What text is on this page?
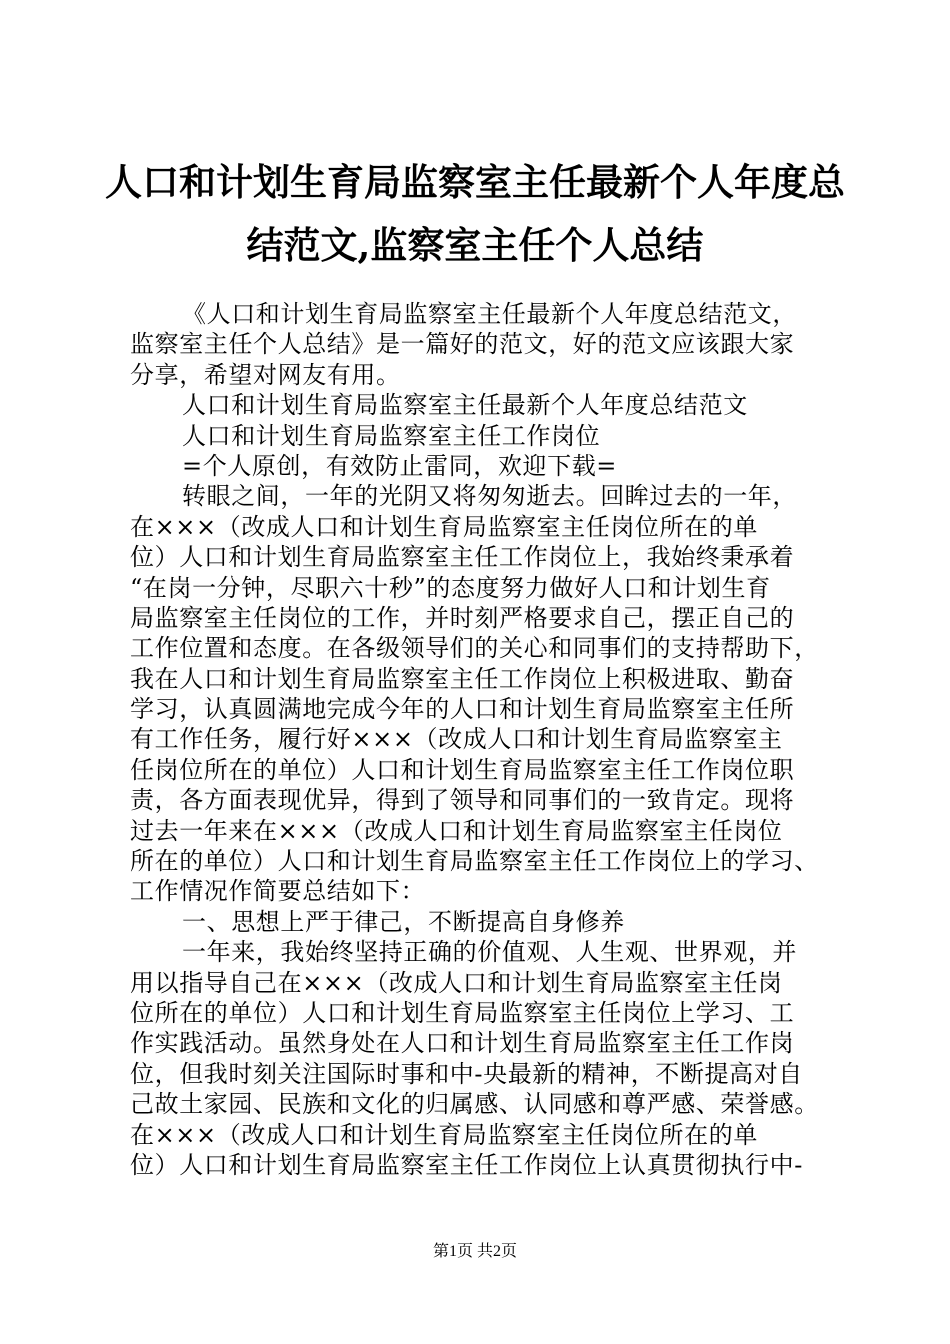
人口和计划生育局监察室主任最新个人年度总
结范文,监察室主任个人总结
《人口和计划生育局监察室主任最新个人年度总结范文，
监察室主任个人总结》是一篇好的范文，好的范文应该跟大家
分享，希望对网友有用。
人口和计划生育局监察室主任最新个人年度总结范文
人口和计划生育局监察室主任工作岗位
=个人原创，有效防止雷同，欢迎下载=
转眼之间，一年的光阴又将匆匆逝去。回眸过去的一年，
在×××（改成人口和计划生育局监察室主任岗位所在的单
位）人口和计划生育局监察室主任工作岗位上，我始终秉承着
“在岗一分钟，尽职六十秒”的态度努力做好人口和计划生育
局监察室主任岗位的工作，并时刻严格要求自己，摆正自己的
工作位置和态度。在各级领导们的关心和同事们的支持帮助下，
我在人口和计划生育局监察室主任工作岗位上积极进取、勤奋
学习，认真圆满地完成今年的人口和计划生育局监察室主任所
有工作任务，履行好×××（改成人口和计划生育局监察室主
任岗位所在的单位）人口和计划生育局监察室主任工作岗位职
责，各方面表现优异，得到了领导和同事们的一致肯定。现将
过去一年来在×××（改成人口和计划生育局监察室主任岗位
所在的单位）人口和计划生育局监察室主任工作岗位上的学习、
工作情况作简要总结如下：
一、思想上严于律己，不断提高自身修养
一年来，我始终坚持正确的价值观、人生观、世界观，并
用以指导自己在×××（改成人口和计划生育局监察室主任岗
位所在的单位）人口和计划生育局监察室主任岗位上学习、工
作实践活动。虽然身处在人口和计划生育局监察室主任工作岗
位，但我时刻关注国际时事和中-央最新的精神，不断提高对自
己故土家园、民族和文化的归属感、认同感和尊严感、荣誉感。
在×××（改成人口和计划生育局监察室主任岗位所在的单
位）人口和计划生育局监察室主任工作岗位上认真贯彻执行中-
第1页 共2页
